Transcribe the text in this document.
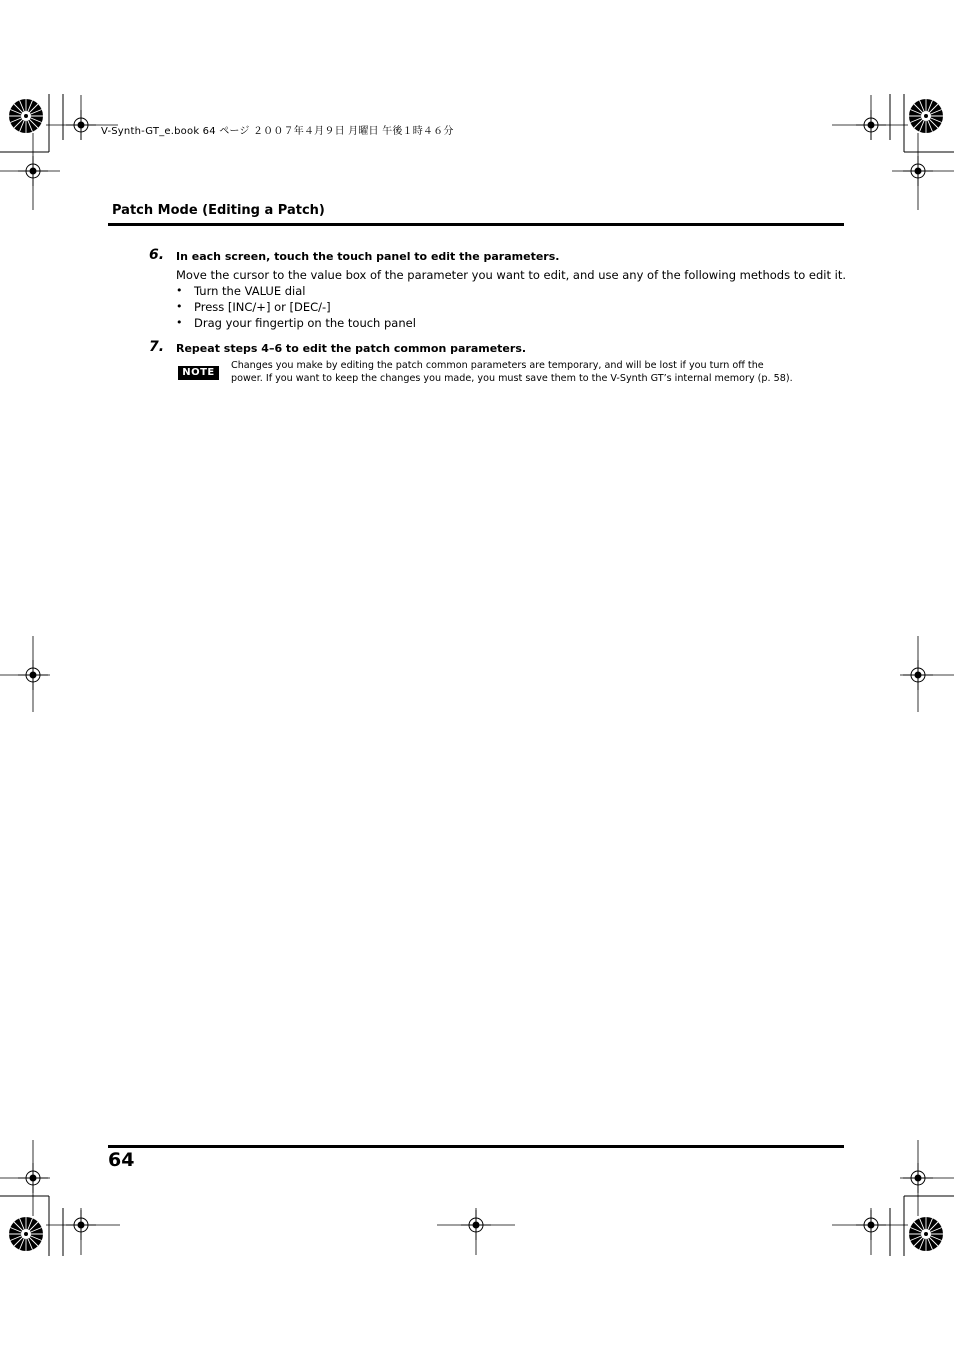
V-Synth-GT_e.book 64 ページ ２００７年４月９日 月曜日 午後１時４６分
Patch Mode (Editing a Patch)
6. In each screen, touch the touch panel to edit the parameters.
Move the cursor to the value box of the parameter you want to edit, and use any of the following methods to edit it.
• Turn the VALUE dial
• Press [INC/+] or [DEC/-]
• Drag your fingertip on the touch panel
7. Repeat steps 4–6 to edit the patch common parameters.
NOTE
Changes you make by editing the patch common parameters are temporary, and will be lost if you turn off the
power. If you want to keep the changes you made, you must save them to the V-Synth GT’s internal memory (p. 58).
64
